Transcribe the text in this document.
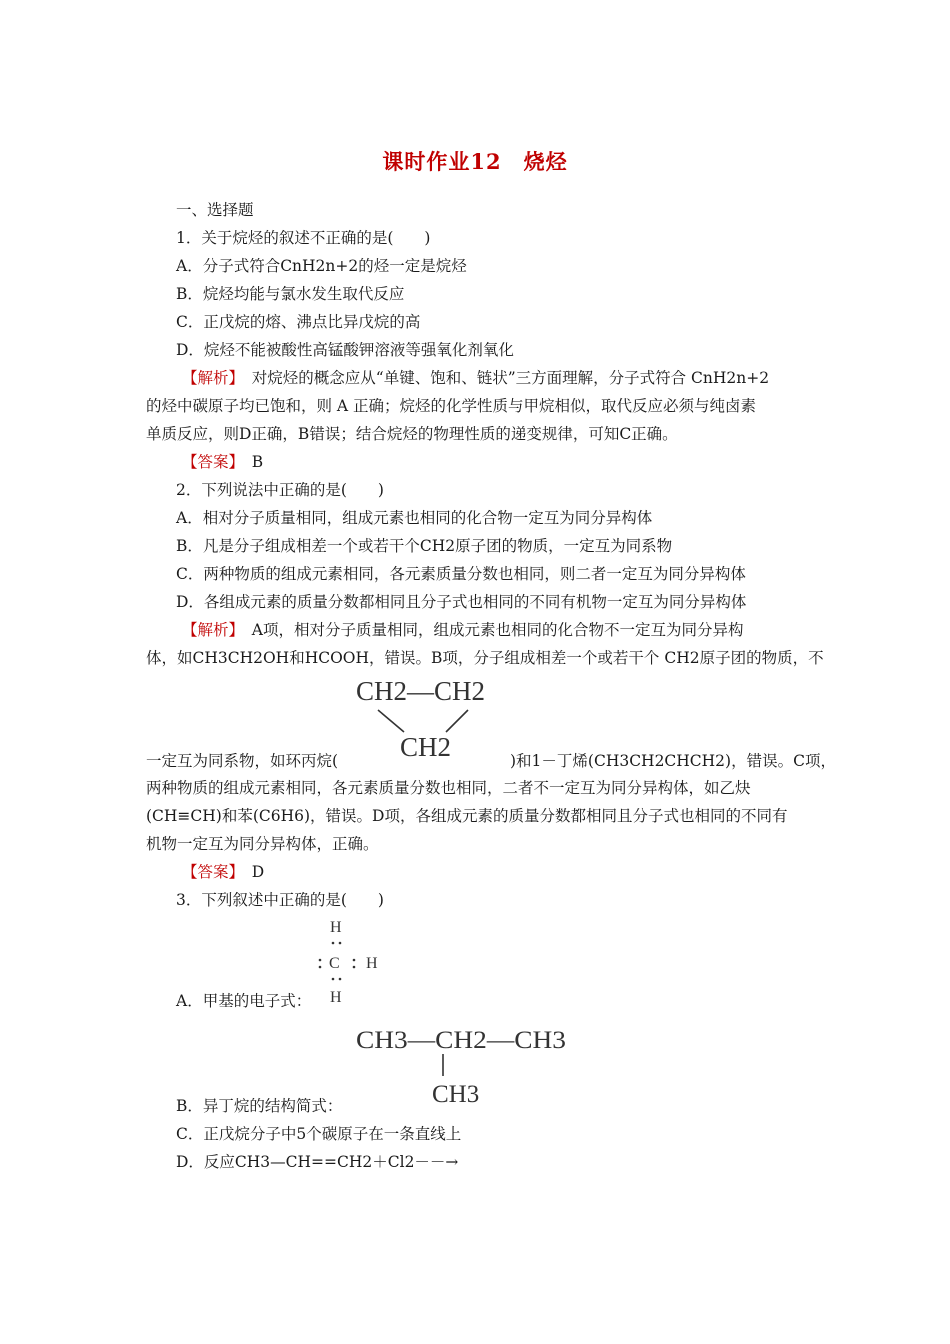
课时作业12　烧烃
一、选择题
1．关于烷烃的叙述不正确的是(　　)
A．分子式符合CnH2n+2的烃一定是烷烃
B．烷烃均能与氯水发生取代反应
C．正戊烷的熔、沸点比异戊烷的高
D．烷烃不能被酸性高锰酸钾溶液等强氧化剂氧化
【解析】　对烷烃的概念应从“单键、饱和、链状”三方面理解，分子式符合 CnH2n+2
的烃中碳原子均已饱和，则 A 正确；烷烃的化学性质与甲烷相似，取代反应必须与纯卤素
单质反应，则D正确，B错误；结合烷烃的物理性质的递变规律，可知C正确。
【答案】　B
2．下列说法中正确的是(　　)
A．相对分子质量相同，组成元素也相同的化合物一定互为同分异构体
B．凡是分子组成相差一个或若干个CH2原子团的物质，一定互为同系物
C．两种物质的组成元素相同，各元素质量分数也相同，则二者一定互为同分异构体
D．各组成元素的质量分数都相同且分子式也相同的不同有机物一定互为同分异构体
【解析】　A项，相对分子质量相同，组成元素也相同的化合物不一定互为同分异构
体，如CH3CH2OH和HCOOH，错误。B项，分子组成相差一个或若干个 CH2原子团的物质，不
CH2—CH2
CH2
一定互为同系物，如环丙烷(	)和1－丁烯(CH3CH2CHCH2)，错误。C项，
两种物质的组成元素相同，各元素质量分数也相同，二者不一定互为同分异构体，如乙炔
(CH≡CH)和苯(C6H6)，错误。D项，各组成元素的质量分数都相同且分子式也相同的不同有
机物一定互为同分异构体，正确。
【答案】　D
3．下列叙述中正确的是(　　)
H
C H
H
A．甲基的电子式：
CH3—CH2—CH3
CH3
B．异丁烷的结构简式：
C．正戊烷分子中5个碳原子在一条直线上
D．反应CH3—CH==CH2＋Cl2－－→
